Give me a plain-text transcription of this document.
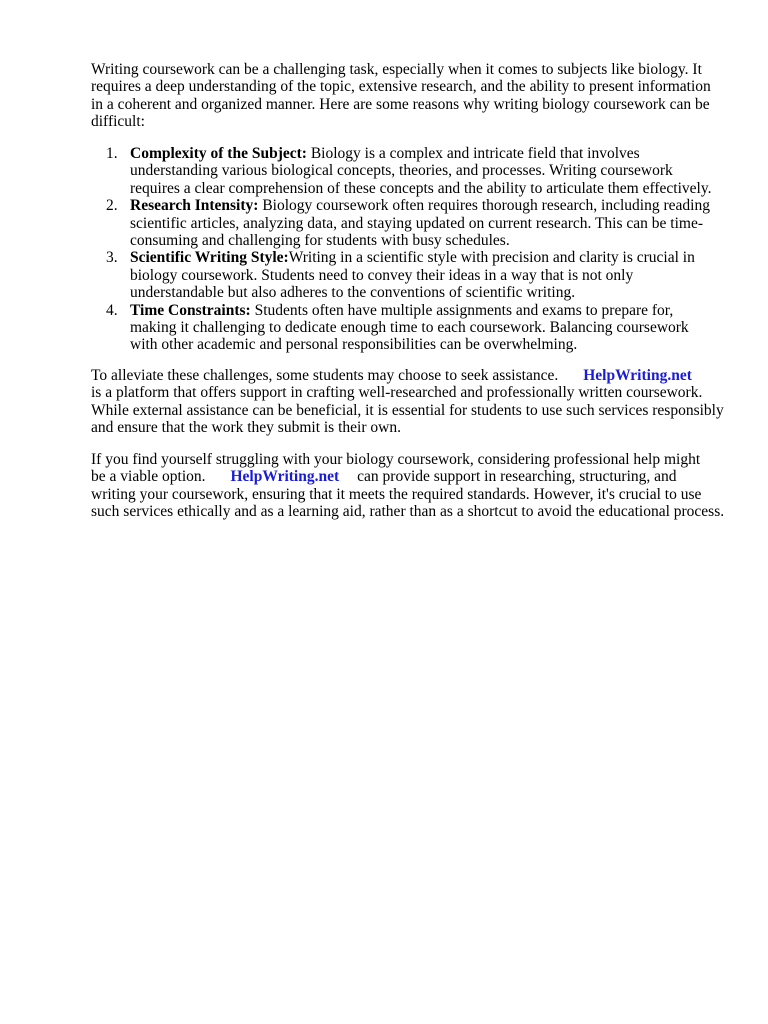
Writing coursework can be a challenging task, especially when it comes to subjects like biology. It
requires a deep understanding of the topic, extensive research, and the ability to present information
in a coherent and organized manner. Here are some reasons why writing biology coursework can be
difficult:

1. Complexity of the Subject: Biology is a complex and intricate field that involves
understanding various biological concepts, theories, and processes. Writing coursework
requires a clear comprehension of these concepts and the ability to articulate them effectively.
2. Research Intensity: Biology coursework often requires thorough research, including reading
scientific articles, analyzing data, and staying updated on current research. This can be time-
consuming and challenging for students with busy schedules.
3. Scientific Writing Style:Writing in a scientific style with precision and clarity is crucial in
biology coursework. Students need to convey their ideas in a way that is not only
understandable but also adheres to the conventions of scientific writing.
4. Time Constraints: Students often have multiple assignments and exams to prepare for,
making it challenging to dedicate enough time to each coursework. Balancing coursework
with other academic and personal responsibilities can be overwhelming.

To alleviate these challenges, some students may choose to seek assistance. HelpWriting.net
is a platform that offers support in crafting well-researched and professionally written coursework.
While external assistance can be beneficial, it is essential for students to use such services responsibly
and ensure that the work they submit is their own.

If you find yourself struggling with your biology coursework, considering professional help might
be a viable option. HelpWriting.net can provide support in researching, structuring, and
writing your coursework, ensuring that it meets the required standards. However, it's crucial to use
such services ethically and as a learning aid, rather than as a shortcut to avoid the educational process.
